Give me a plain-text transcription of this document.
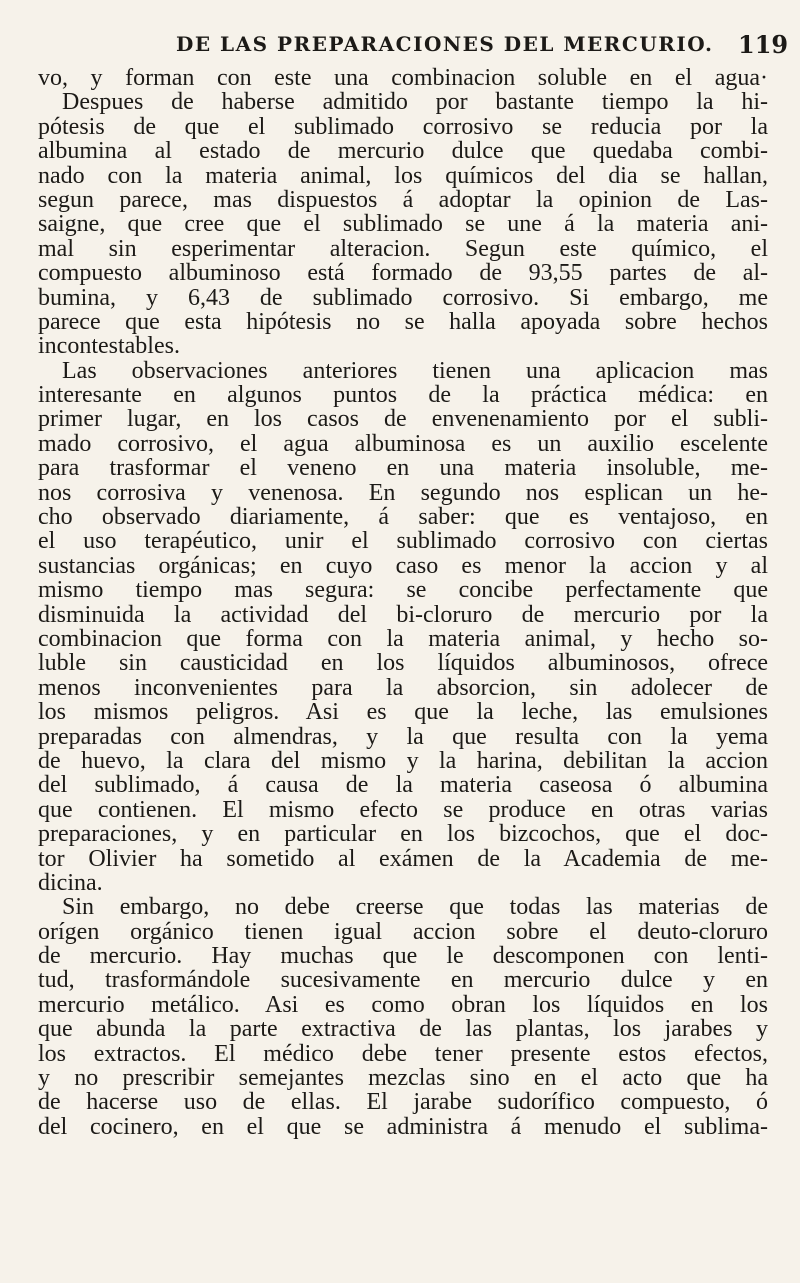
DE LAS PREPARACIONES DEL MERCURIO. 119
vo, y forman con este una combinacion soluble en el agua·
Despues de haberse admitido por bastante tiempo la hi-
pótesis de que el sublimado corrosivo se reducia por la
albumina al estado de mercurio dulce que quedaba combi-
nado con la materia animal, los químicos del dia se hallan,
segun parece, mas dispuestos á adoptar la opinion de Las-
saigne, que cree que el sublimado se une á la materia ani-
mal sin esperimentar alteracion. Segun este químico, el
compuesto albuminoso está formado de 93,55 partes de al-
bumina, y 6,43 de sublimado corrosivo. Si embargo, me
parece que esta hipótesis no se halla apoyada sobre hechos
incontestables.
Las observaciones anteriores tienen una aplicacion mas
interesante en algunos puntos de la práctica médica: en
primer lugar, en los casos de envenenamiento por el subli-
mado corrosivo, el agua albuminosa es un auxilio escelente
para trasformar el veneno en una materia insoluble, me-
nos corrosiva y venenosa. En segundo nos esplican un he-
cho observado diariamente, á saber: que es ventajoso, en
el uso terapéutico, unir el sublimado corrosivo con ciertas
sustancias orgánicas; en cuyo caso es menor la accion y al
mismo tiempo mas segura: se concibe perfectamente que
disminuida la actividad del bi-cloruro de mercurio por la
combinacion que forma con la materia animal, y hecho so-
luble sin causticidad en los líquidos albuminosos, ofrece
menos inconvenientes para la absorcion, sin adolecer de
los mismos peligros. Asi es que la leche, las emulsiones
preparadas con almendras, y la que resulta con la yema
de huevo, la clara del mismo y la harina, debilitan la accion
del sublimado, á causa de la materia caseosa ó albumina
que contienen. El mismo efecto se produce en otras varias
preparaciones, y en particular en los bizcochos, que el doc-
tor Olivier ha sometido al exámen de la Academia de me-
dicina.
Sin embargo, no debe creerse que todas las materias de
orígen orgánico tienen igual accion sobre el deuto-cloruro
de mercurio. Hay muchas que le descomponen con lenti-
tud, trasformándole sucesivamente en mercurio dulce y en
mercurio metálico. Asi es como obran los líquidos en los
que abunda la parte extractiva de las plantas, los jarabes y
los extractos. El médico debe tener presente estos efectos,
y no prescribir semejantes mezclas sino en el acto que ha
de hacerse uso de ellas. El jarabe sudorífico compuesto, ó
del cocinero, en el que se administra á menudo el sublima-
